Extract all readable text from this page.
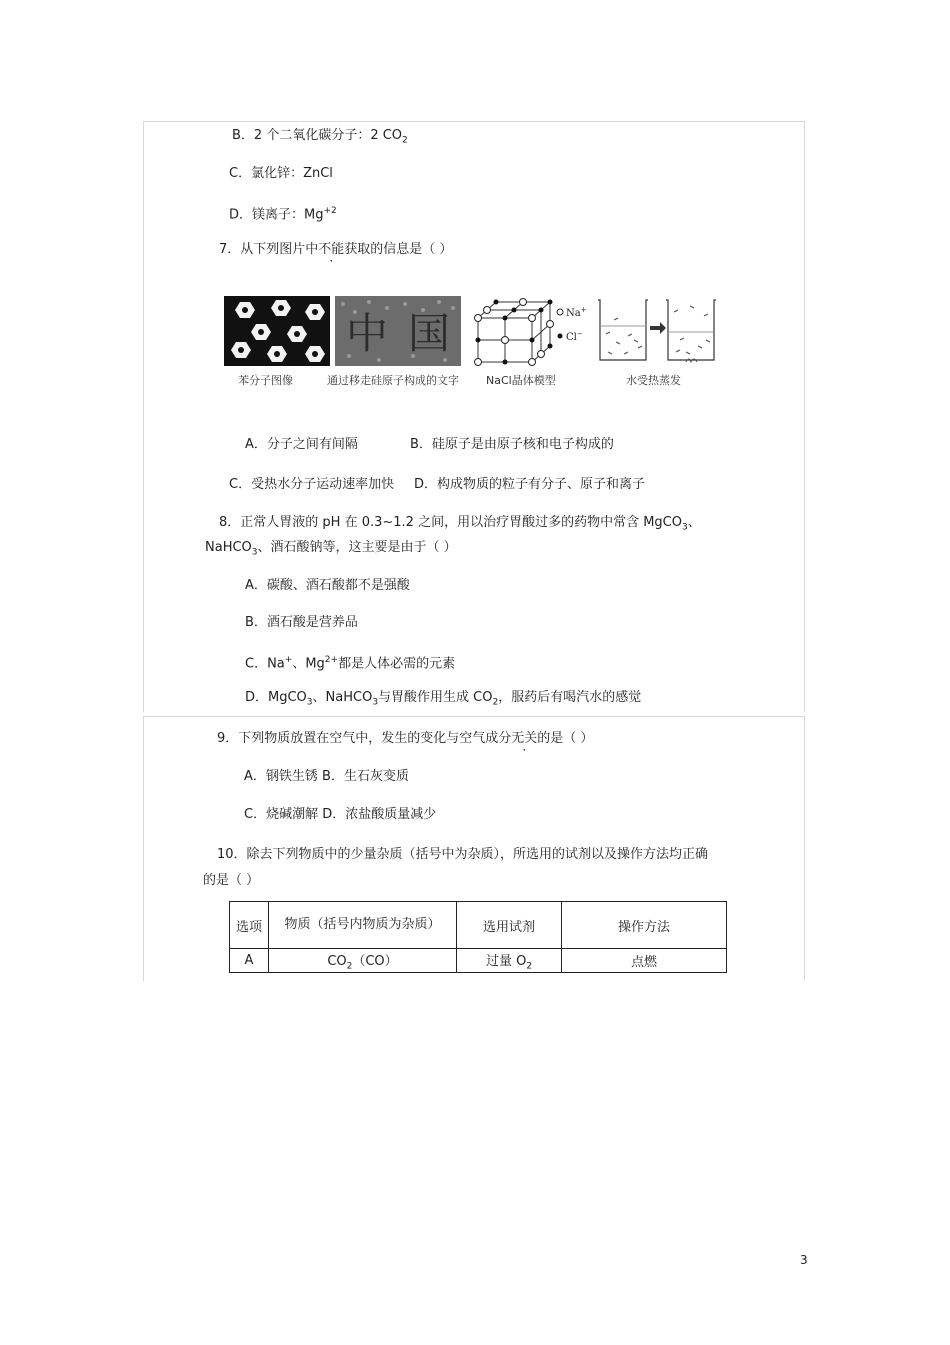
B．2 个二氧化碳分子：2 $CO_2$
C．氯化锌：ZnCl
D．镁离子：$Mg^{+2}$
7．从下列图片中不能获取的信息是（ ）
苯分子图像
中 国
通过移走硅原子构成的文字
Na+
Cl−
NaCl晶体模型	水受热蒸发
A．分子之间有间隔	B．硅原子是由原子核和电子构成的
C．受热水分子运动速率加快 D．构成物质的粒子有分子、原子和离子
8．正常人胃液的 pH 在 0.3~1.2 之间，用以治疗胃酸过多的药物中常含 MgCO$_3$、
NaHCO$_3$、酒石酸钠等，这主要是由于（ ）
A．碳酸、酒石酸都不是强酸
B．酒石酸是营养品
C．Na+、$Mg^{2+}$都是人体必需的元素
D．MgCO$_3$、NaHCO$_3$与胃酸作用生成 $CO_2$，服药后有喝汽水的感觉
9．下列物质放置在空气中，发生的变化与空气成分无关的是（ ）
A．钢铁生锈 B．生石灰变质
C．烧碱潮解 D．浓盐酸质量减少
10．除去下列物质中的少量杂质（括号中为杂质），所选用的试剂以及操作方法均正确
的是（ ）
选项	物质（括号内物质为杂质）	选用试剂	操作方法
A	$CO_2(CO)$	过量 $O_2$	点燃
3
